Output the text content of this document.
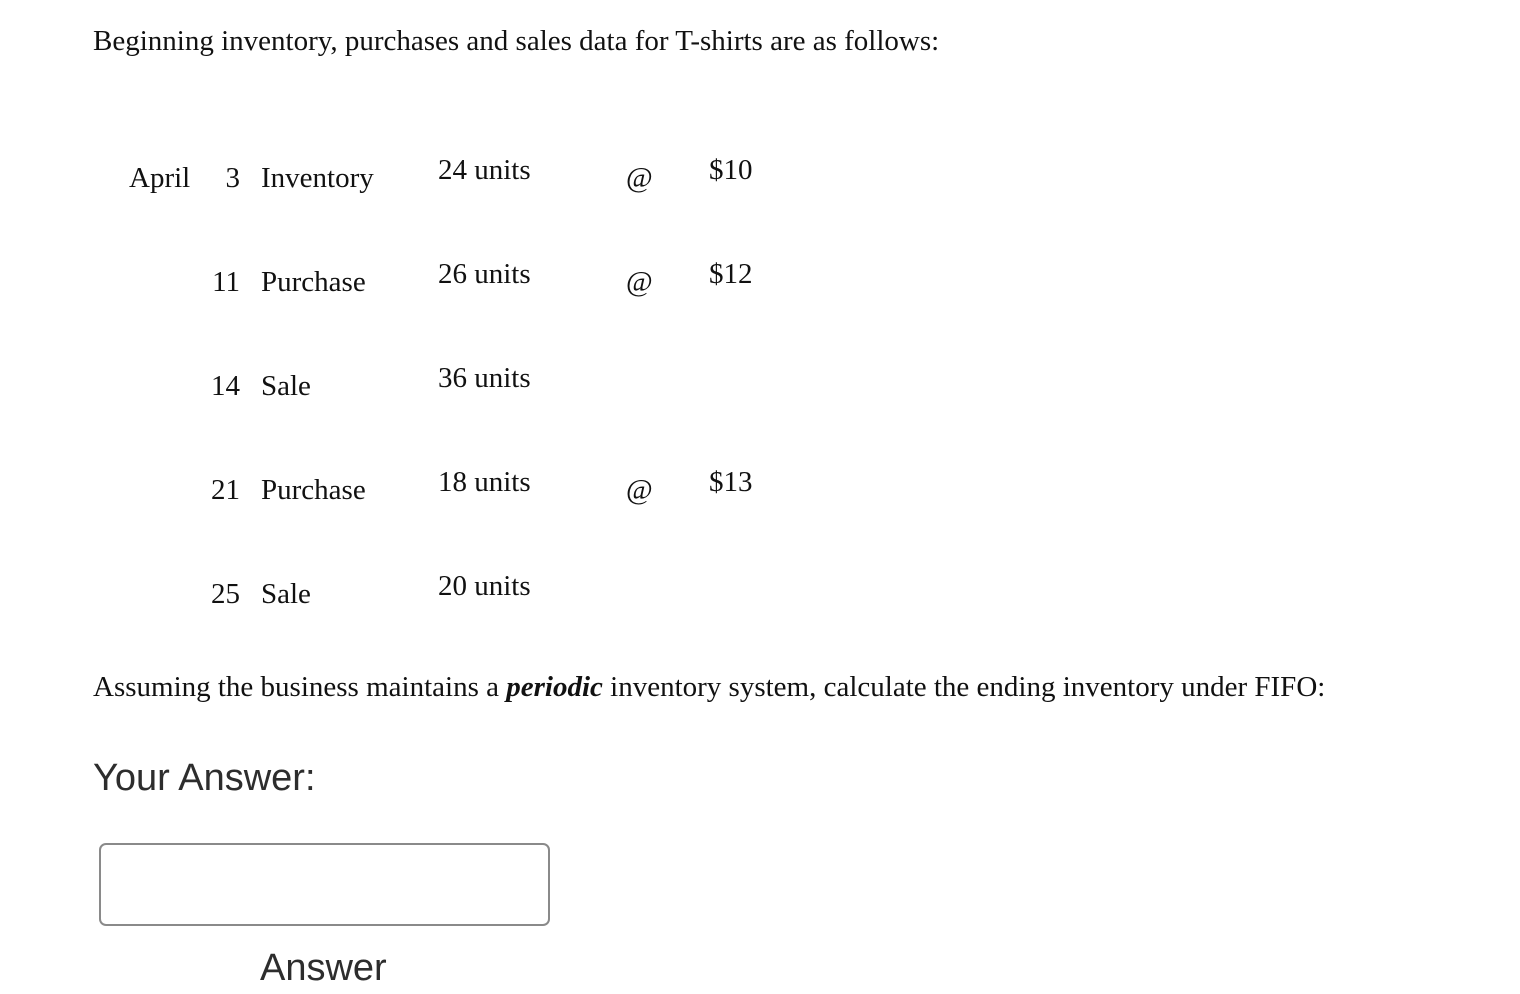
Beginning inventory, purchases and sales data for T-shirts are as follows:
April	3 Inventory 24 units	@ $10
11 Purchase 26 units	@ $12
14 Sale	36 units
21 Purchase 18 units	@ $13
25 Sale	20 units
Assuming the business maintains a periodic inventory system, calculate the ending inventory under FIFO:
Your Answer:
Answer
